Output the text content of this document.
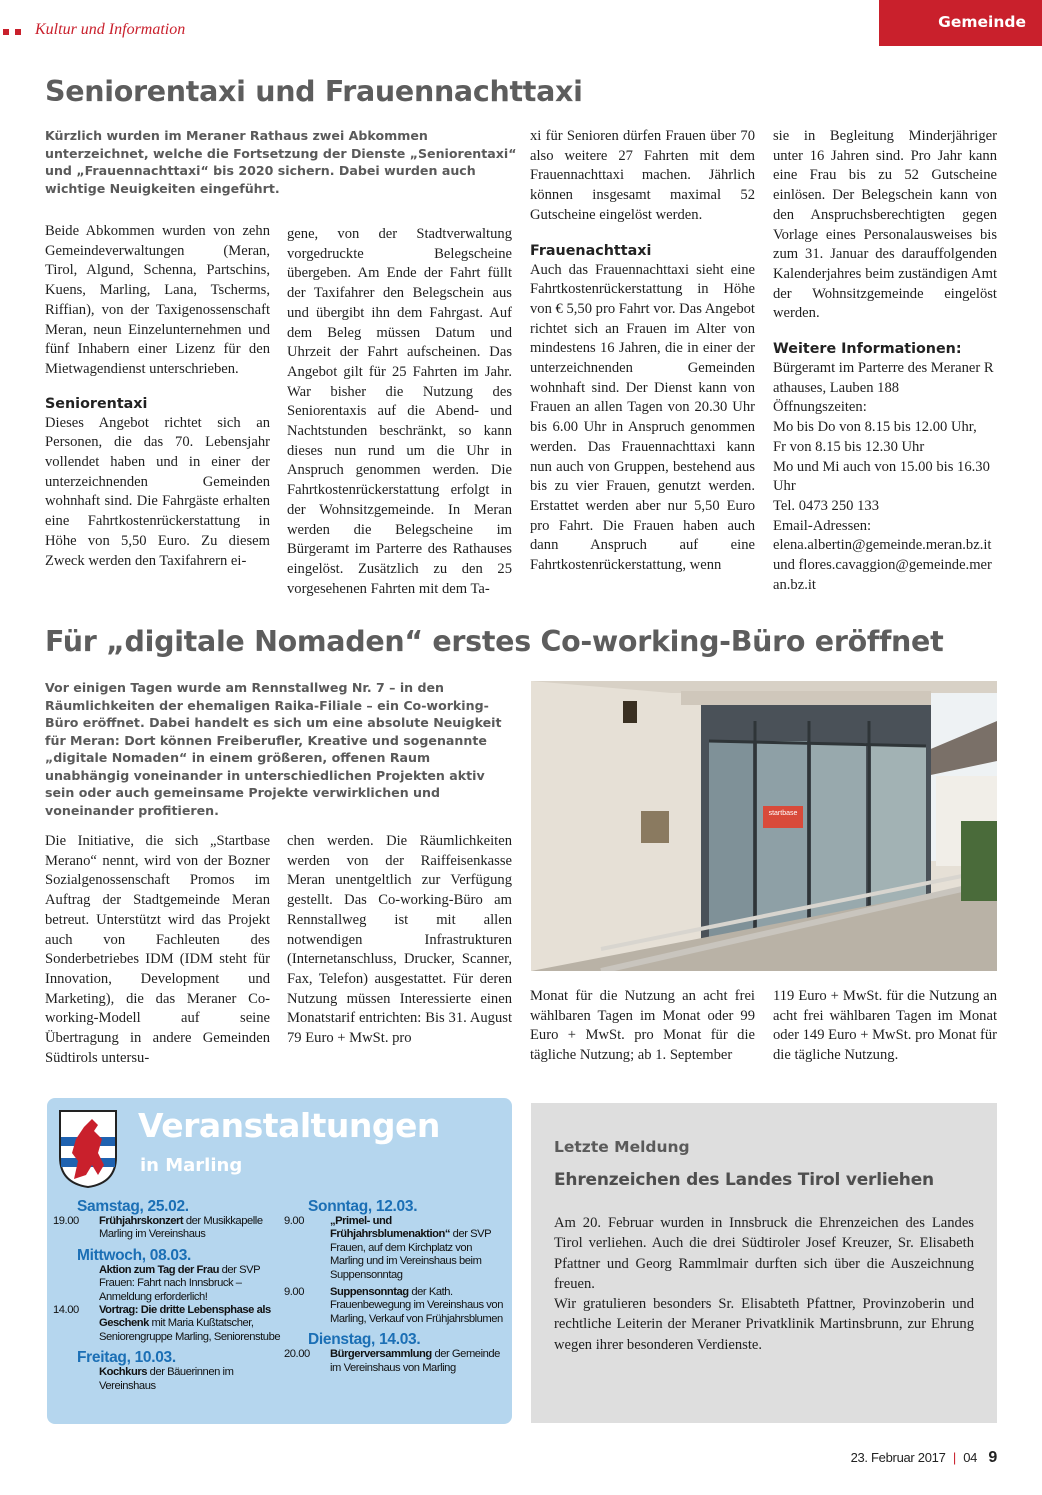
Kultur und Information	Gemeinde
Seniorentaxi und Frauennachttaxi

Kürzlich wurden im Meraner Rathaus zwei Abkommen unterzeichnet, welche die Fortsetzung der Dienste „Seniorentaxi“ und „Frauennachttaxi“ bis 2020 sichern. Dabei wurden auch wichtige Neuigkeiten eingeführt.

Beide Abkommen wurden von zehn Gemeindeverwaltungen (Meran, Tirol, Algund, Schenna, Partschins, Kuens, Marling, Lana, Tscherms, Riffian), von der Taxigenossenschaft Meran, neun Einzelunternehmen und fünf Inhabern einer Lizenz für den Mietwagendienst unterschrieben.

Seniorentaxi

Dieses Angebot richtet sich an Personen, die das 70. Lebensjahr vollendet haben und in einer der unterzeichnenden Gemeinden wohnhaft sind. Die Fahrgäste erhalten eine Fahrtkostenrückerstattung in Höhe von 5,50 Euro. Zu diesem Zweck werden den Taxifahrern ei-

gene, von der Stadtverwaltung vorgedruckte Belegscheine übergeben. Am Ende der Fahrt füllt der Taxifahrer den Belegschein aus und übergibt ihn dem Fahrgast. Auf dem Beleg müssen Datum und Uhrzeit der Fahrt aufscheinen. Das Angebot gilt für 25 Fahrten im Jahr. War bisher die Nutzung des Seniorentaxis auf die Abend- und Nachtstunden beschränkt, so kann dieses nun rund um die Uhr in Anspruch genommen werden. Die Fahrtkostenrückerstattung erfolgt in der Wohnsitzgemeinde. In Meran werden die Belegscheine im Bürgeramt im Parterre des Rathauses eingelöst. Zusätzlich zu den 25 vorgesehenen Fahrten mit dem Ta-

xi für Senioren dürfen Frauen über 70 also weitere 27 Fahrten mit dem Frauennachttaxi machen. Jährlich können insgesamt maximal 52 Gutscheine eingelöst werden.

Frauenachttaxi

Auch das Frauennachttaxi sieht eine Fahrtkostenrückerstattung in Höhe von € 5,50 pro Fahrt vor. Das Angebot richtet sich an Frauen im Alter von mindestens 16 Jahren, die in einer der unterzeichnenden Gemeinden wohnhaft sind. Der Dienst kann von Frauen an allen Tagen von 20.30 Uhr bis 6.00 Uhr in Anspruch genommen werden. Das Frauennachttaxi kann nun auch von Gruppen, bestehend aus bis zu vier Frauen, genutzt werden. Erstattet werden aber nur 5,50 Euro pro Fahrt. Die Frauen haben auch dann Anspruch auf eine Fahrtkostenrückerstattung, wenn

sie in Begleitung Minderjähriger unter 16 Jahren sind. Pro Jahr kann eine Frau bis zu 52 Gutscheine einlösen. Der Belegschein kann von den Anspruchsberechtigten gegen Vorlage eines Personalausweises bis zum 31. Januar des darauffolgenden Kalenderjahres beim zuständigen Amt der Wohnsitzgemeinde eingelöst werden.

Weitere Informationen:

Bürgeramt im Parterre des Meraner Rathauses, Lauben 188

Öffnungszeiten:

Mo bis Do von 8.15 bis 12.00 Uhr,

Fr von 8.15 bis 12.30 Uhr

Mo und Mi auch von 15.00 bis 16.30 Uhr

Tel. 0473 250 133

Email-Adressen:

elena.albertin@gemeinde.meran.bz.it und flores.cavaggion@gemeinde.meran.bz.it

Für „digitale Nomaden“ erstes Co-working-Büro eröffnet

Vor einigen Tagen wurde am Rennstallweg Nr. 7 – in den Räumlichkeiten der ehemaligen Raika-Filiale – ein Co-working-Büro eröffnet. Dabei handelt es sich um eine absolute Neuigkeit für Meran: Dort können Freiberufler, Kreative und sogenannte „digitale Nomaden“ in einem größeren, offenen Raum unabhängig voneinander in unterschiedlichen Projekten aktiv sein oder auch gemeinsame Projekte verwirklichen und voneinander profitieren.

Die Initiative, die sich „Startbase Merano“ nennt, wird von der Bozner Sozialgenossenschaft Promos im Auftrag der Stadtgemeinde Meran betreut. Unterstützt wird das Projekt auch von Fachleuten des Sonderbetriebes IDM (IDM steht für Innovation, Development und Marketing), die das Meraner Co-working-Modell auf seine Übertragung in andere Gemeinden Südtirols untersu-

chen werden. Die Räumlichkeiten werden von der Raiffeisenkasse Meran unentgeltlich zur Verfügung gestellt. Das Co-working-Büro am Rennstallweg ist mit allen notwendigen Infrastrukturen (Internetanschluss, Drucker, Scanner, Fax, Telefon) ausgestattet. Für deren Nutzung müssen Interessierte einen Monatstarif entrichten: Bis 31. August 79 Euro + MwSt. pro

startbase

Monat für die Nutzung an acht frei wählbaren Tagen im Monat oder 99 Euro + MwSt. pro Monat für die tägliche Nutzung; ab 1. September

119 Euro + MwSt. für die Nutzung an acht frei wählbaren Tagen im Monat oder 149 Euro + MwSt. pro Monat für die tägliche Nutzung.

Veranstaltungen
in Marling
Samstag, 25.02.
19.00	Frühjahrskonzert der Musikkapelle Marling im Vereinshaus
Mittwoch, 08.03.
Aktion zum Tag der Frau der SVP Frauen: Fahrt nach Innsbruck – Anmeldung erforderlich!
14.00	Vortrag: Die dritte Lebensphase als Geschenk mit Maria Kußtatscher, Seniorengruppe Marling, Seniorenstube
Freitag, 10.03.
Kochkurs der Bäuerinnen im Vereinshaus
Sonntag, 12.03.
9.00	„Primel- und Frühjahrsblumenaktion“ der SVP Frauen, auf dem Kirchplatz von Marling und im Vereinshaus beim Suppensonntag
9.00	Suppensonntag der Kath. Frauenbewegung im Vereinshaus von Marling, Verkauf von Frühjahrsblumen
Dienstag, 14.03.
20.00	Bürgerversammlung der Gemeinde im Vereinshaus von Marling
Letzte Meldung
Ehrenzeichen des Landes Tirol verliehen

Am 20. Februar wurden in Innsbruck die Ehrenzeichen des Landes Tirol verliehen. Auch die drei Südtiroler Josef Kreuzer, Sr. Elisabeth Pfattner und Georg Rammlmair durften sich über die Auszeichnung freuen.

Wir gratulieren besonders Sr. Elisabteth Pfattner, Provinzoberin und rechtliche Leiterin der Meraner Privatklinik Martinsbrunn, zur Ehrung wegen ihrer besonderen Verdienste.

23. Februar 2017 | 04 9
